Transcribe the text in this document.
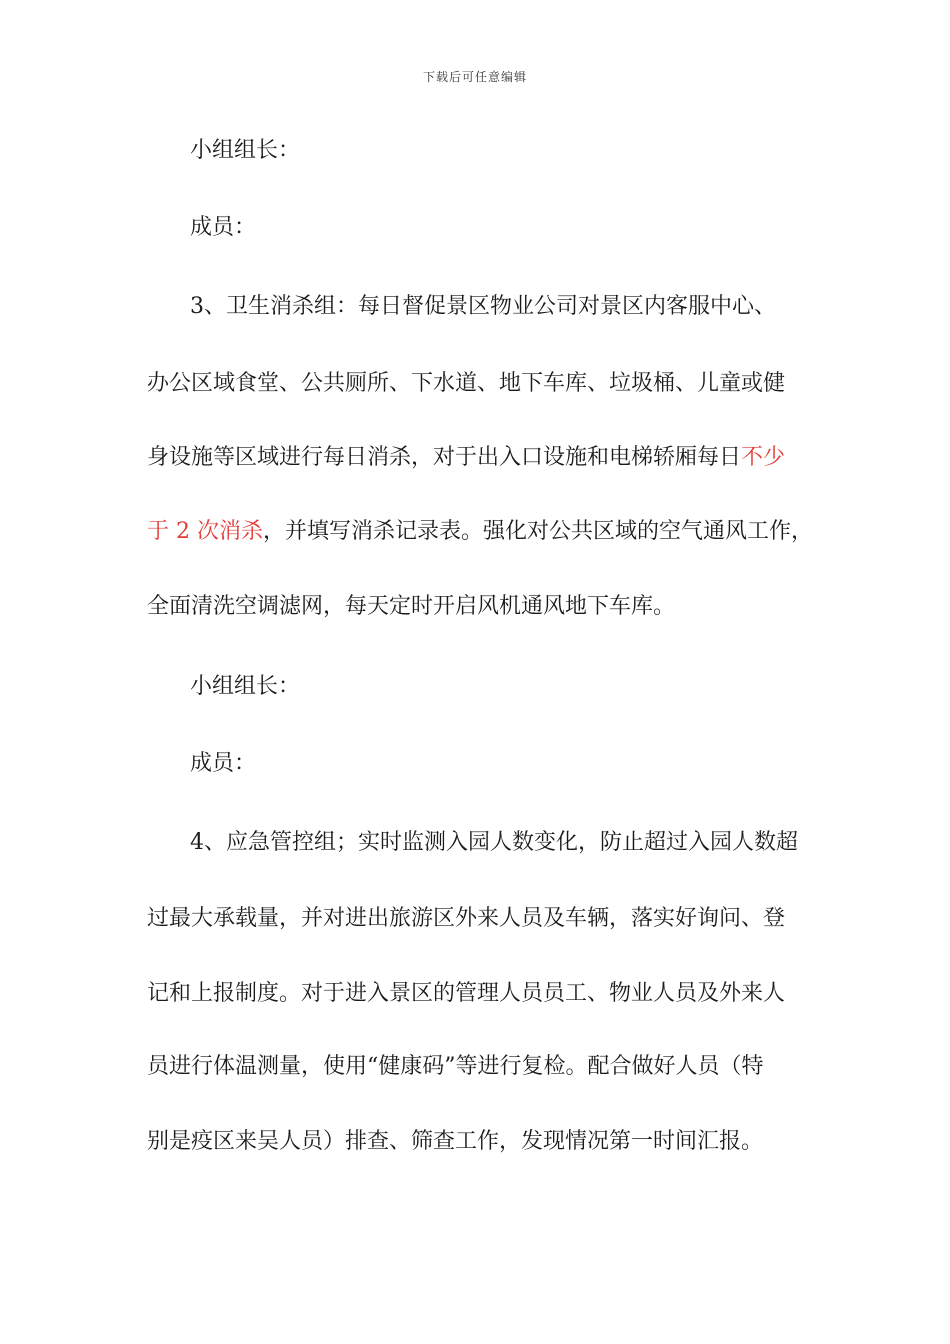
下载后可任意编辑
小组组长：
成员：
3、卫生消杀组：每日督促景区物业公司对景区内客服中心、
办公区域食堂、公共厕所、下水道、地下车库、垃圾桶、儿童或健
身设施等区域进行每日消杀，对于出入口设施和电梯轿厢每日不少
于 2 次消杀，并填写消杀记录表。强化对公共区域的空气通风工作，
全面清洗空调滤网，每天定时开启风机通风地下车库。
小组组长：
成员：
4、应急管控组；实时监测入园人数变化，防止超过入园人数超
过最大承载量，并对进出旅游区外来人员及车辆，落实好询问、登
记和上报制度。对于进入景区的管理人员员工、物业人员及外来人
员进行体温测量，使用“健康码”等进行复检。配合做好人员（特
别是疫区来吴人员）排查、筛查工作，发现情况第一时间汇报。
